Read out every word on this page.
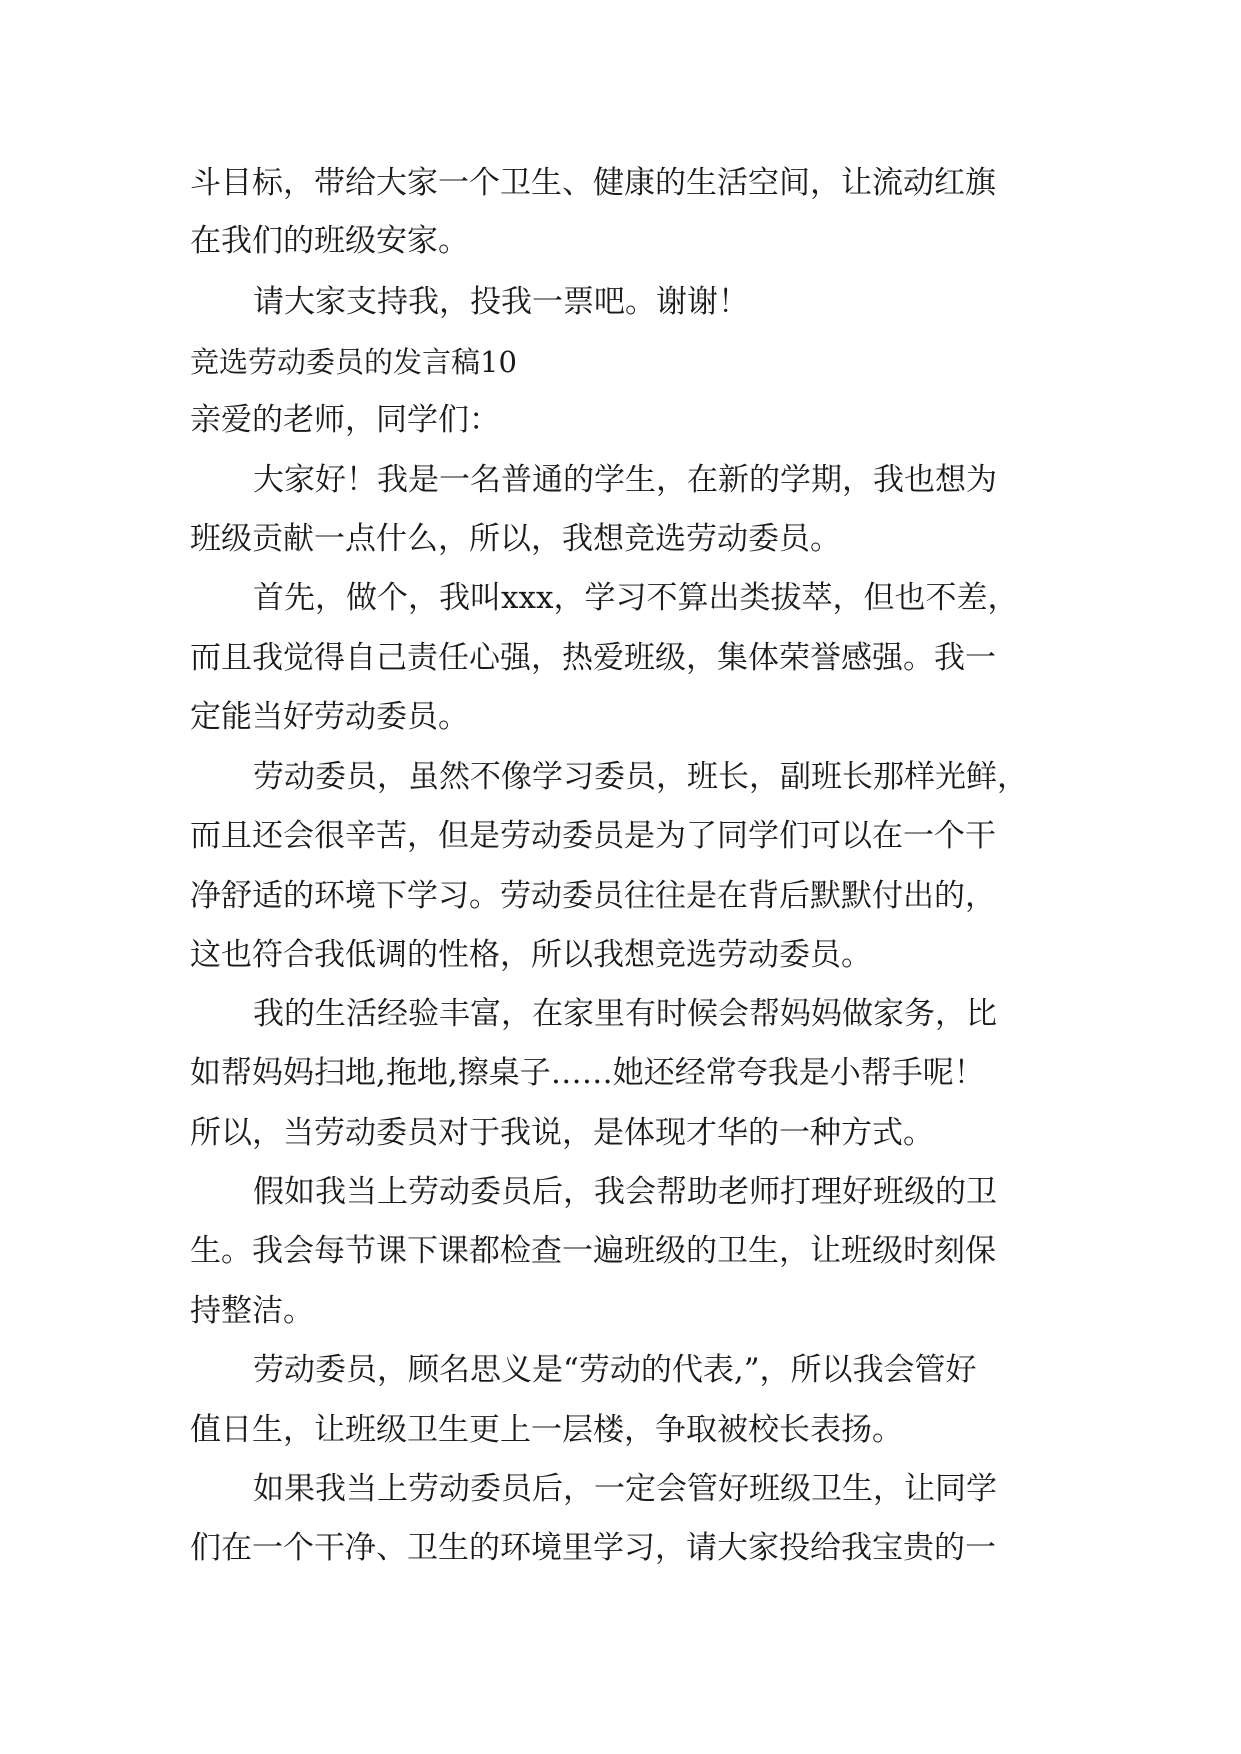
斗目标，带给大家一个卫生、健康的生活空间，让流动红旗
在我们的班级安家。
请大家支持我，投我一票吧。谢谢！
竞选劳动委员的发言稿10
亲爱的老师，同学们：
大家好！我是一名普通的学生，在新的学期，我也想为
班级贡献一点什么，所以，我想竞选劳动委员。
首先，做个，我叫xxx，学习不算出类拔萃，但也不差，
而且我觉得自己责任心强，热爱班级，集体荣誉感强。我一
定能当好劳动委员。
劳动委员，虽然不像学习委员，班长，副班长那样光鲜，
而且还会很辛苦，但是劳动委员是为了同学们可以在一个干
净舒适的环境下学习。劳动委员往往是在背后默默付出的，
这也符合我低调的性格，所以我想竞选劳动委员。
我的生活经验丰富，在家里有时候会帮妈妈做家务，比
如帮妈妈扫地,拖地,擦桌子……她还经常夸我是小帮手呢！
所以，当劳动委员对于我说，是体现才华的一种方式。
假如我当上劳动委员后，我会帮助老师打理好班级的卫
生。我会每节课下课都检查一遍班级的卫生，让班级时刻保
持整洁。
劳动委员，顾名思义是“劳动的代表,”，所以我会管好
值日生，让班级卫生更上一层楼，争取被校长表扬。
如果我当上劳动委员后，一定会管好班级卫生，让同学
们在一个干净、卫生的环境里学习，请大家投给我宝贵的一
